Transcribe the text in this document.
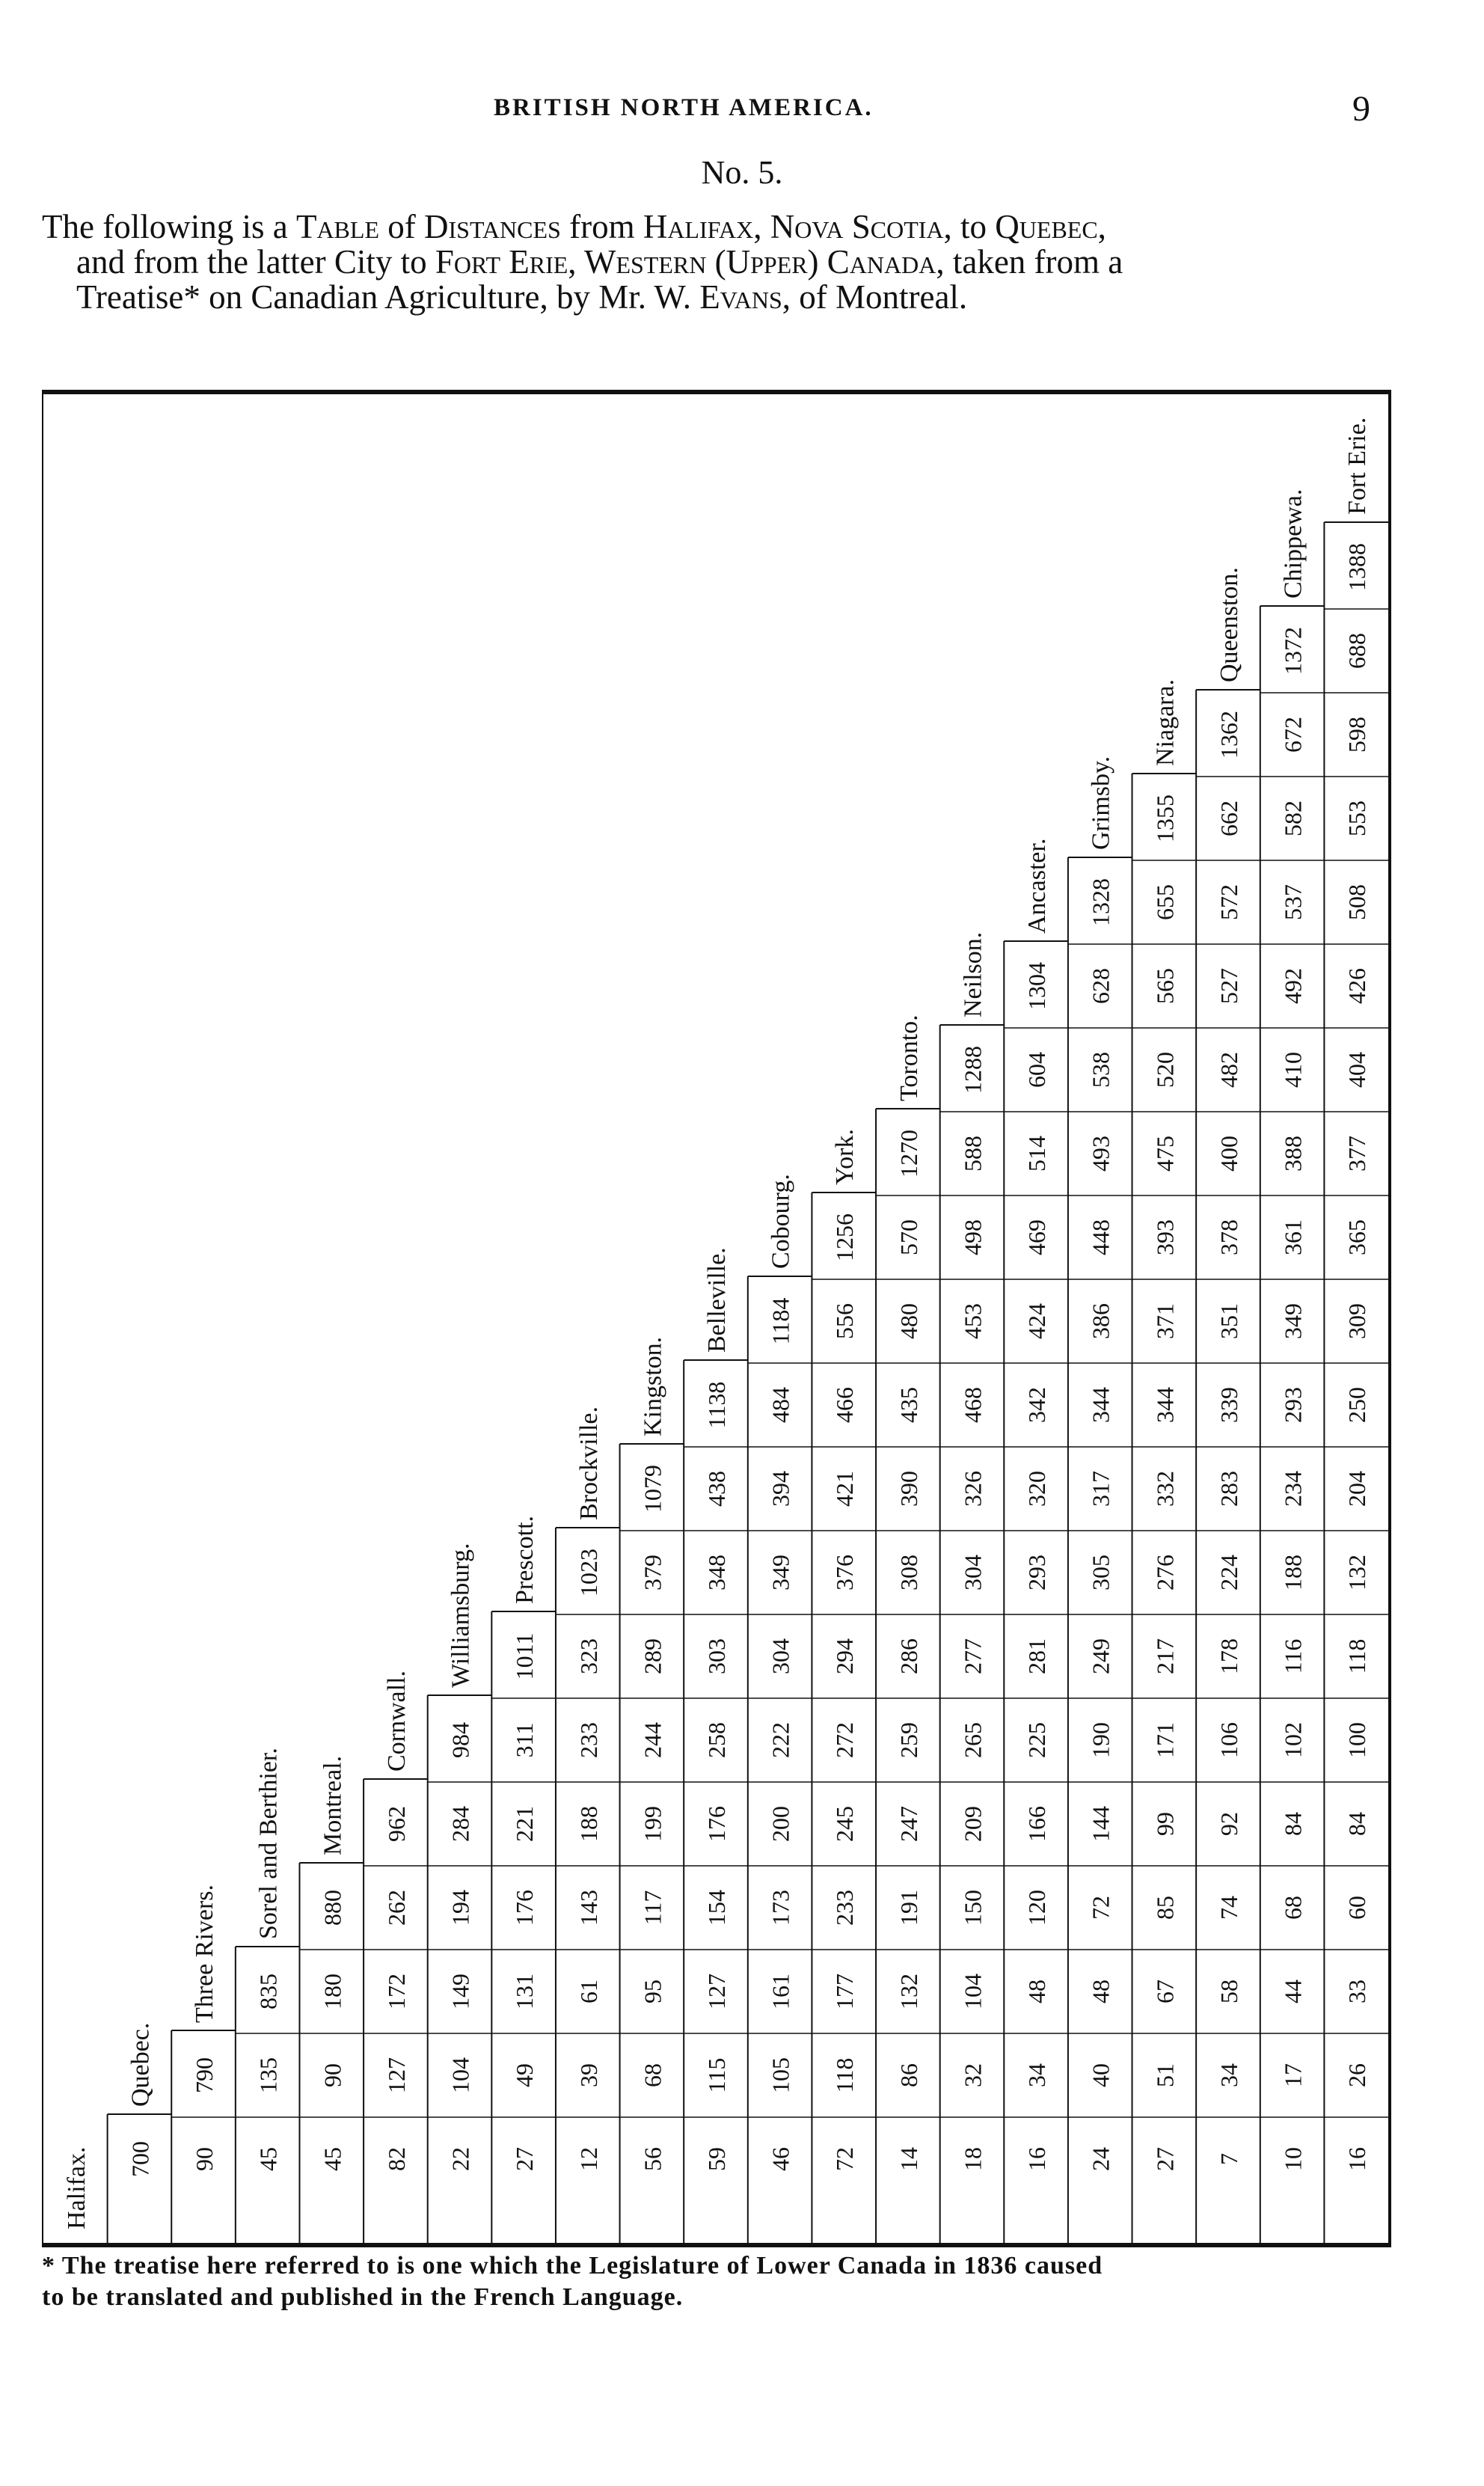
BRITISH NORTH AMERICA.	9
No. 5.
The following is a Table of Distances from Halifax, Nova Scotia, to Quebec,
and from the latter City to Fort Erie, Western (Upper) Canada, taken from a
Treatise* on Canadian Agriculture, by Mr. W. Evans, of Montreal.
Halifax.
Quebec.
700
Three Rivers.
790
90
Sorel and Berthier.
835
135
45
Montreal.
880
180
90
45
Cornwall.
962
262
172
127
82
Williamsburg.
984
284
194
149
104
22
Prescott.
1011
311
221
176
131
49
27
Brockville.
1023
323
233
188
143
61
39
12
Kingston.
1079
379
289
244
199
117
95
68
56
Belleville.
1138
438
348
303
258
176
154
127
115
59
Cobourg.
1184
484
394
349
304
222
200
173
161
105
46
York.
1256
556
466
421
376
294
272
245
233
177
118
72
Toronto.
1270
570
480
435
390
308
286
259
247
191
132
86
14
Neilson.
1288
588
498
453
468
326
304
277
265
209
150
104
32
18
Ancaster.
1304
604
514
469
424
342
320
293
281
225
166
120
48
34
16
Grimsby.
1328
628
538
493
448
386
344
317
305
249
190
144
72
48
40
24
Niagara.
1355
655
565
520
475
393
371
344
332
276
217
171
99
85
67
51
27
Queenston.
1362
662
572
527
482
400
378
351
339
283
224
178
106
92
74
58
34
7
Chippewa.
1372
672
582
537
492
410
388
361
349
293
234
188
116
102
84
68
44
17
10
Fort Erie.
1388
688
598
553
508
426
404
377
365
309
250
204
132
118
100
84
60
33
26
16
* The treatise here referred to is one which the Legislature of Lower Canada in 1836 caused
to be translated and published in the French Language.
